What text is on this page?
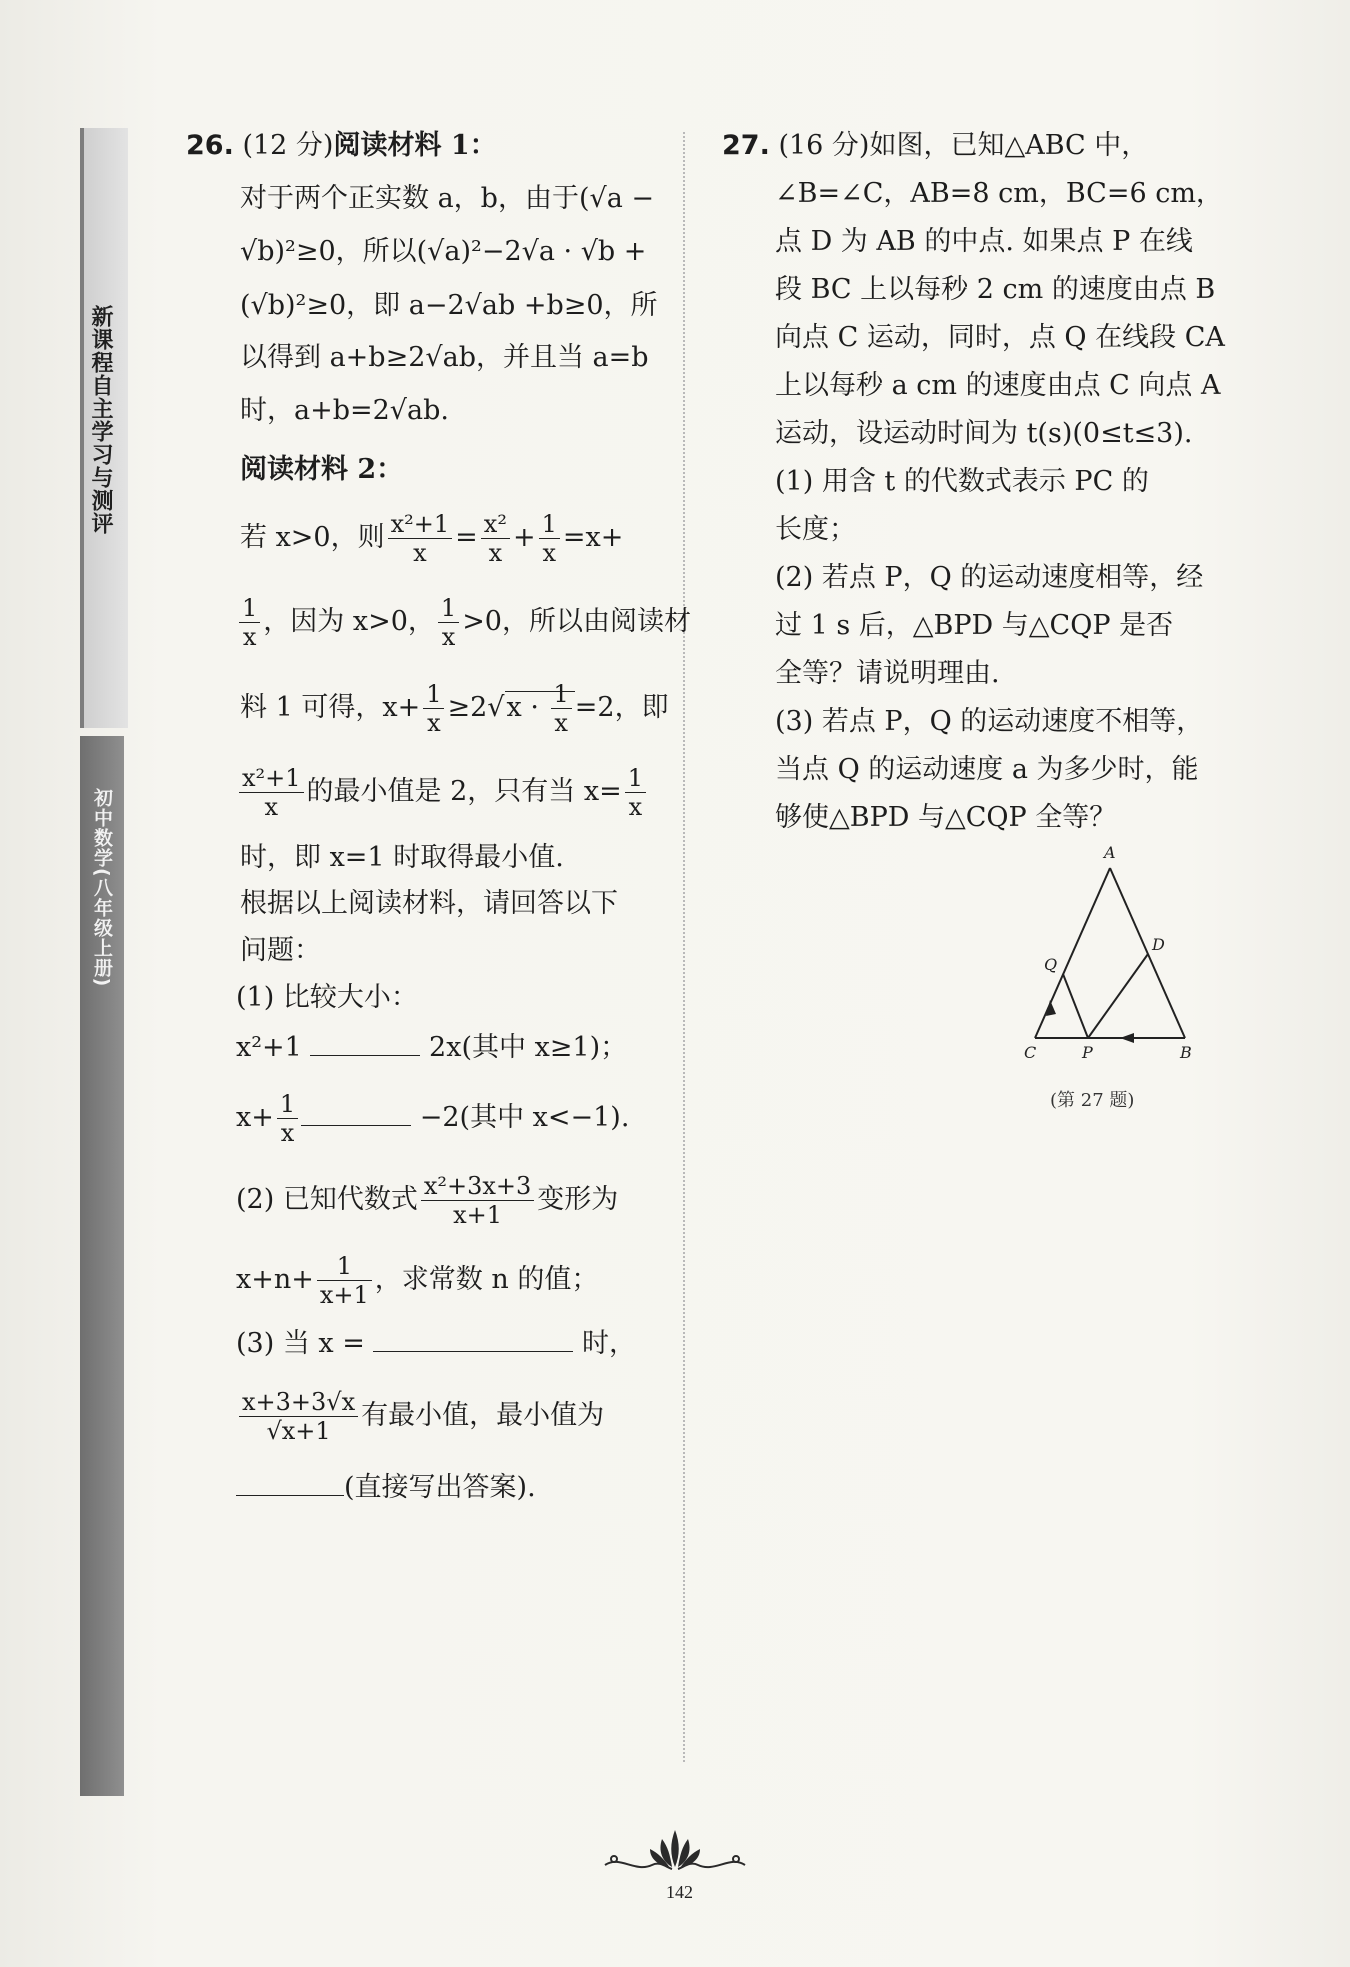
新课程自主学习与测评
初中数学(八年级上册)
26. (12 分)阅读材料 1：
对于两个正实数 a，b，由于(√a −
√b)²≥0，所以(√a)²−2√a · √b +
(√b)²≥0，即 a−2√ab +b≥0，所
以得到 a+b≥2√ab，并且当 a=b
时，a+b=2√ab.
阅读材料 2：
若 x>0，则 $\frac{\text{x²+1}}{x} = \frac{\text{x²}}{x} + \frac{1}{x} =x+$
$\frac{1}{x}$ ，因为 x>0， $\frac{1}{x} >0$，所以由阅读材
料 1 可得，$x+ \frac{1}{x} \ge 2√x \cdot \frac{1}{x} =2$，即
$\frac{\text{x²+1}}{x}$ 的最小值是 2，只有当 $x= \frac{1}{x}$
时，即 x=1 时取得最小值.
根据以上阅读材料，请回答以下
问题：
(1) 比较大小：
x²+1	2x(其中 x≥1)；
$x+ \frac{1}{x}$	−2(其中 x<−1).
(2) 已知代数式 $\frac{\text{x²+3x+3}}{x+1}$ 变形为
$x+n+ \frac{1}{x+1}$ ，求常数 n 的值；
(3) 当 x =	时，
$\frac{x+3+3√x}{√x+1}$ 有最小值，最小值为
(直接写出答案).
27. (16 分)如图，已知△ABC 中，
∠B=∠C，AB=8 cm，BC=6 cm，
点 D 为 AB 的中点. 如果点 P 在线
段 BC 上以每秒 2 cm 的速度由点 B
向点 C 运动，同时，点 Q 在线段 CA
上以每秒 a cm 的速度由点 C 向点 A
运动，设运动时间为 t(s)(0≤t≤3).
(1) 用含 t 的代数式表示 PC 的
长度；
(2) 若点 P，Q 的运动速度相等，经
过 1 s 后，△BPD 与△CQP 是否
全等？请说明理由.
(3) 若点 P，Q 的运动速度不相等，
当点 Q 的运动速度 a 为多少时，能
够使△BPD 与△CQP 全等？
A
B
C
D
P
Q
(第 27 题)
142
